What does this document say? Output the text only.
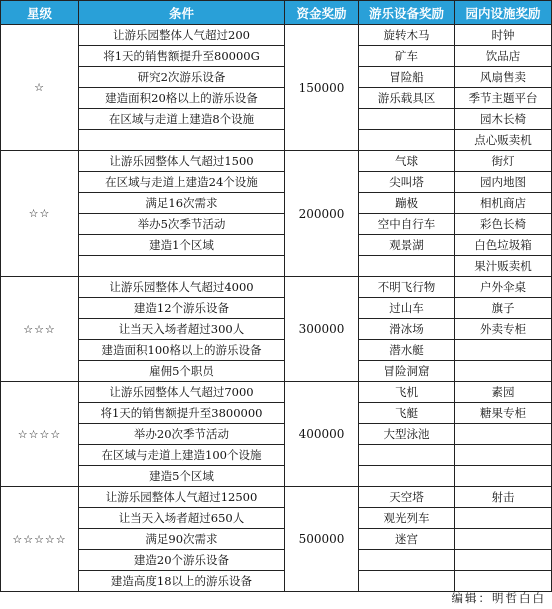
星级	条件	资金奖励	游乐设备奖励	园内设施奖励
☆	让游乐园整体人气超过200	150000	旋转木马	时钟
	将1天的销售额提升至80000G		矿车	饮品店
	研究2次游乐设备		冒险船	风扇售卖
	建造面积20格以上的游乐设备		游乐载具区	季节主题平台
	在区域与走道上建造8个设施			园木长椅
				点心贩卖机
☆☆	让游乐园整体人气超过1500	200000	气球	街灯
	在区域与走道上建造24个设施		尖叫塔	园内地图
	满足16次需求		蹦极	相机商店
	举办5次季节活动		空中自行车	彩色长椅
	建造1个区域		观景湖	白色垃圾箱
				果汁贩卖机
☆☆☆	让游乐园整体人气超过4000	300000	不明飞行物	户外伞桌
	建造12个游乐设备		过山车	旗子
	让当天入场者超过300人		滑冰场	外卖专柜
	建造面积100格以上的游乐设备		潜水艇	
	雇佣5个职员		冒险洞窟	
☆☆☆☆	让游乐园整体人气超过7000	400000	飞机	素园
	将1天的销售额提升至3800000		飞艇	糖果专柜
	举办20次季节活动		大型泳池	
	在区域与走道上建造100个设施			
	建造5个区域			
☆☆☆☆☆	让游乐园整体人气超过12500	500000	天空塔	射击
	让当天入场者超过650人		观光列车	
	满足90次需求		迷宫	
	建造20个游乐设备			
	建造高度18以上的游乐设备			
编辑：明哲白白
